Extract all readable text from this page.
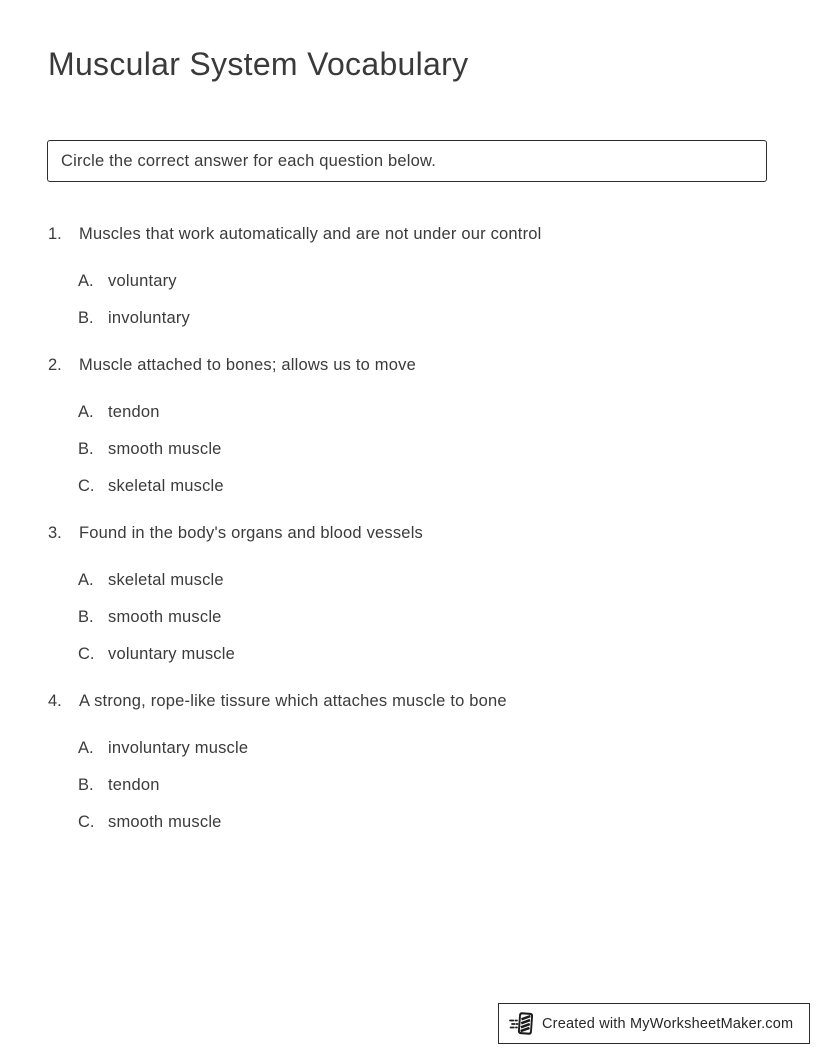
Muscular System Vocabulary
Circle the correct answer for each question below.
1.	Muscles that work automatically and are not under our control
A. voluntary
B. involuntary
2.	Muscle attached to bones; allows us to move
A. tendon
B. smooth muscle
C. skeletal muscle
3.	Found in the body's organs and blood vessels
A. skeletal muscle
B. smooth muscle
C. voluntary muscle
4.	A strong, rope-like tissure which attaches muscle to bone
A. involuntary muscle
B. tendon
C. smooth muscle
Created with MyWorksheetMaker.com
